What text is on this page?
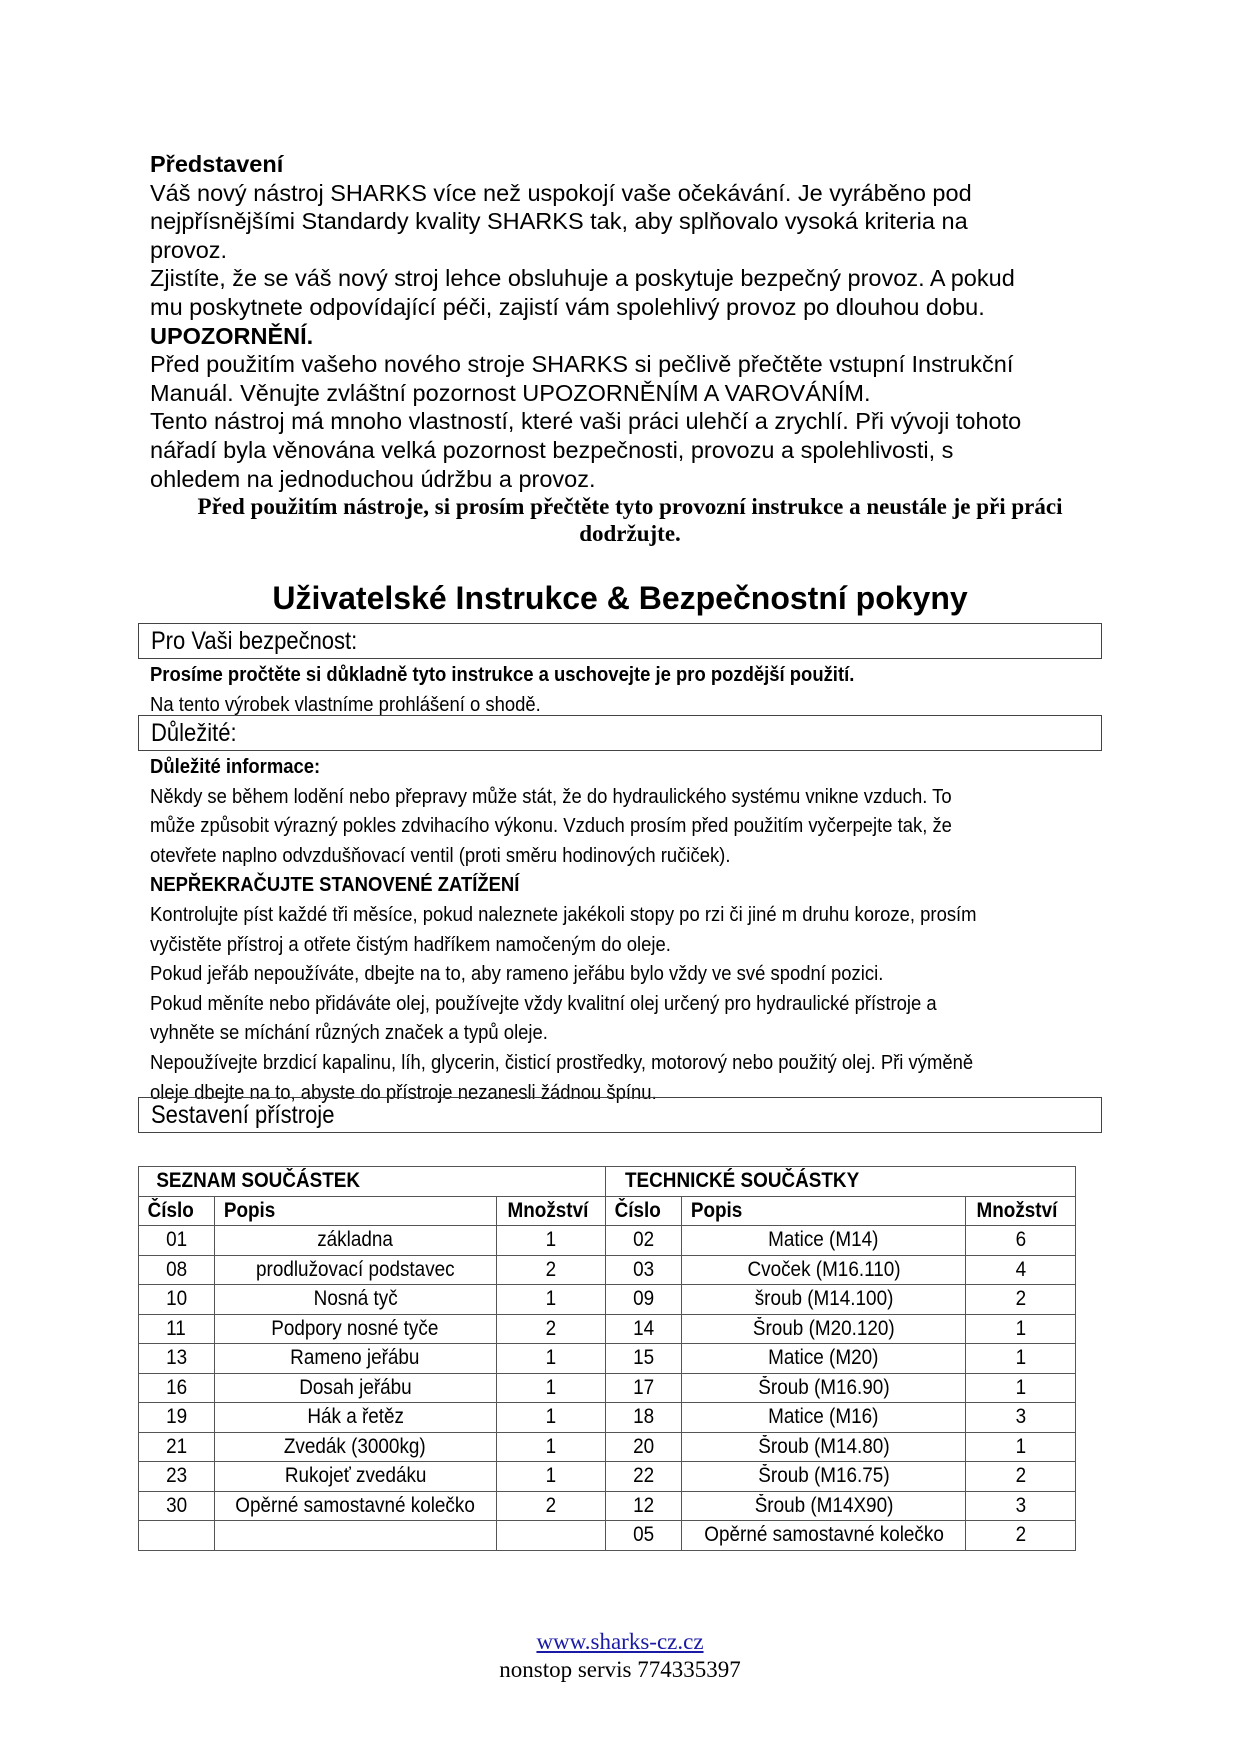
Představení

Váš nový nástroj SHARKS více než uspokojí vaše očekávání. Je vyráběno pod

nejpřísnějšími Standardy kvality SHARKS tak, aby splňovalo vysoká kriteria na

provoz.

Zjistíte, že se váš nový stroj lehce obsluhuje a poskytuje bezpečný provoz. A pokud

mu poskytnete odpovídající péči, zajistí vám spolehlivý provoz po dlouhou dobu.

UPOZORNĚNÍ.

Před použitím vašeho nového stroje SHARKS si pečlivě přečtěte vstupní Instrukční

Manuál. Věnujte zvláštní pozornost UPOZORNĚNÍM A VAROVÁNÍM.

Tento nástroj má mnoho vlastností, které vaši práci ulehčí a zrychlí. Při vývoji tohoto

nářadí byla věnována velká pozornost bezpečnosti, provozu a spolehlivosti, s

ohledem na jednoduchou údržbu a provoz.

Před použitím nástroje, si prosím přečtěte tyto provozní instrukce a neustále je při práci

dodržujte.

Uživatelské Instrukce & Bezpečnostní pokyny
Pro Vaši bezpečnost:

Prosíme pročtěte si důkladně tyto instrukce a uschovejte je pro pozdější použití.

Na tento výrobek vlastníme prohlášení o shodě.

Důležité:

Důležité informace:

Někdy se během lodění nebo přepravy může stát, že do hydraulického systému vnikne vzduch. To

může způsobit výrazný pokles zdvihacího výkonu. Vzduch prosím před použitím vyčerpejte tak, že

otevřete naplno odvzdušňovací ventil (proti směru hodinových ručiček).

NEPŘEKRAČUJTE STANOVENÉ ZATÍŽENÍ

Kontrolujte píst každé tři měsíce, pokud naleznete jakékoli stopy po rzi či jiné m druhu koroze, prosím

vyčistěte přístroj a otřete čistým hadříkem namočeným do oleje.

Pokud jeřáb nepoužíváte, dbejte na to, aby rameno jeřábu bylo vždy ve své spodní pozici.

Pokud měníte nebo přidáváte olej, používejte vždy kvalitní olej určený pro hydraulické přístroje a

vyhněte se míchání různých značek a typů oleje.

Nepoužívejte brzdicí kapalinu, líh, glycerin, čisticí prostředky, motorový nebo použitý olej. Při výměně

oleje dbejte na to, abyste do přístroje nezanesli žádnou špínu.

Sestavení přístroje
SEZNAM SOUČÁSTEK			TECHNICKÉ SOUČÁSTKY		
Číslo	Popis	Množství	Číslo	Popis	Množství
01	základna	1	02	Matice (M14)	6
08	prodlužovací podstavec	2	03	Cvoček (M16.110)	4
10	Nosná tyč	1	09	šroub (M14.100)	2
11	Podpory nosné tyče	2	14	Šroub (M20.120)	1
13	Rameno jeřábu	1	15	Matice (M20)	1
16	Dosah jeřábu	1	17	Šroub (M16.90)	1
19	Hák a řetěz	1	18	Matice (M16)	3
21	Zvedák (3000kg)	1	20	Šroub (M14.80)	1
23	Rukojeť zvedáku	1	22	Šroub (M16.75)	2
30	Opěrné samostavné kolečko	2	12	Šroub (M14X90)	3
			05	Opěrné samostavné kolečko	2
www.sharks-cz.cz
nonstop servis 774335397
